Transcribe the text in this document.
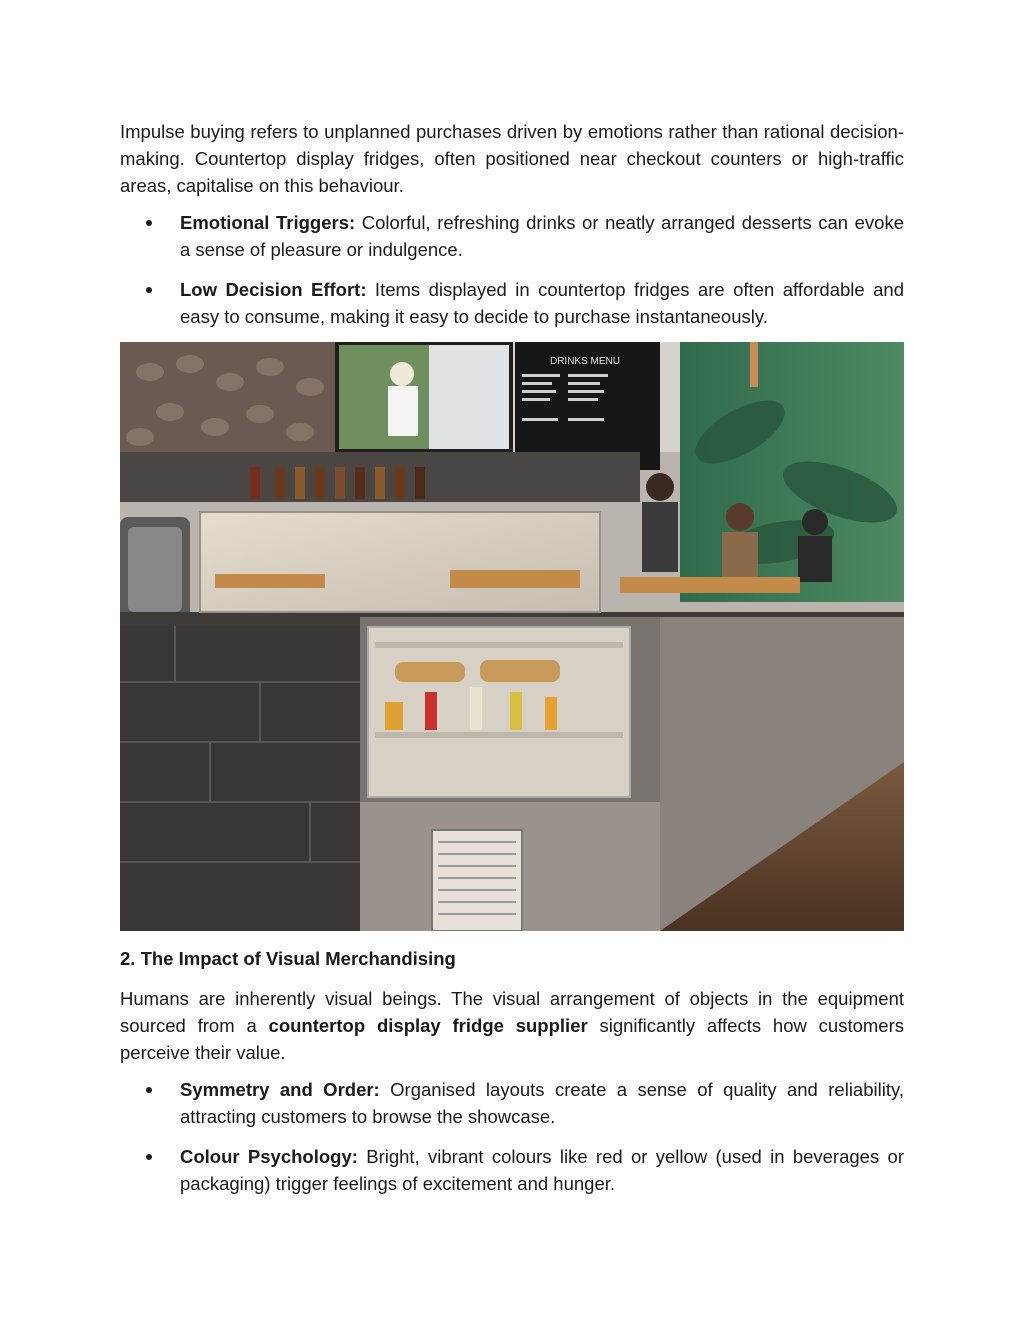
Impulse buying refers to unplanned purchases driven by emotions rather than rational decision-making. Countertop display fridges, often positioned near checkout counters or high-traffic areas, capitalise on this behaviour.

Emotional Triggers: Colorful, refreshing drinks or neatly arranged desserts can evoke a sense of pleasure or indulgence.
Low Decision Effort: Items displayed in countertop fridges are often affordable and easy to consume, making it easy to decide to purchase instantaneously.
DRINKS MENU
2. The Impact of Visual Merchandising

Humans are inherently visual beings. The visual arrangement of objects in the equipment sourced from a countertop display fridge supplier significantly affects how customers perceive their value.

Symmetry and Order: Organised layouts create a sense of quality and reliability, attracting customers to browse the showcase.
Colour Psychology: Bright, vibrant colours like red or yellow (used in beverages or packaging) trigger feelings of excitement and hunger.
